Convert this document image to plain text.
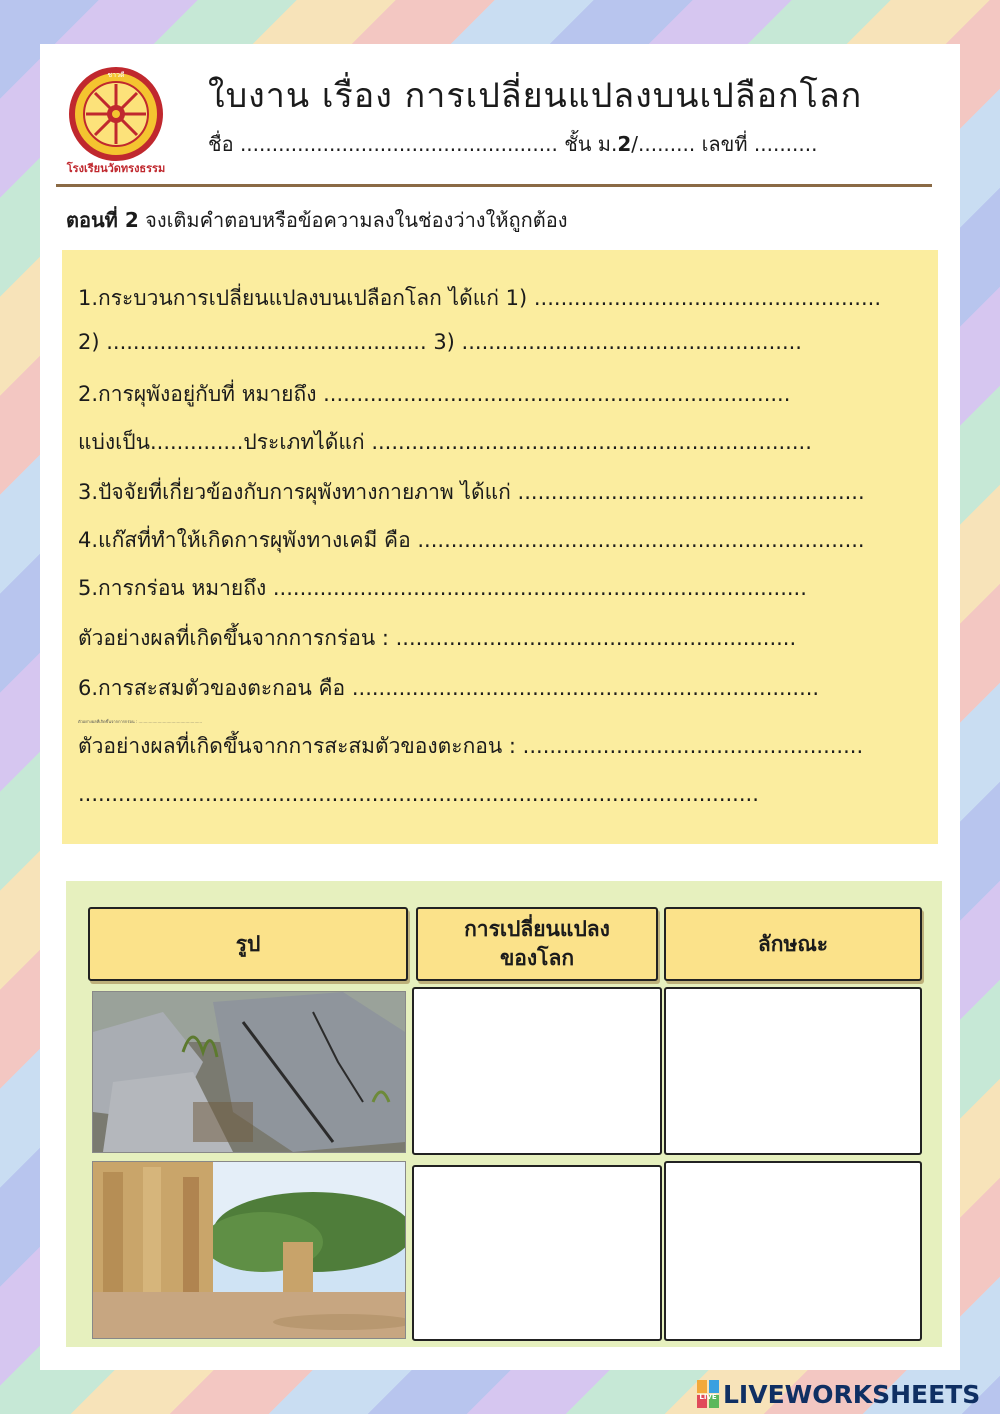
ชาวดี
โรงเรียนวัดทรงธรรม
ใบงาน เรื่อง การเปลี่ยนแปลงบนเปลือกโลก
ชื่อ .................................................. ชั้น ม.2/......... เลขที่ ..........
ตอนที่ 2 จงเติมคำตอบหรือข้อความลงในช่องว่างให้ถูกต้อง
1.กระบวนการเปลี่ยนแปลงบนเปลือกโลก ได้แก่ 1) ....................................................
2) ................................................ 3) ...................................................
2.การผุพังอยู่กับที่ หมายถึง ......................................................................
แบ่งเป็น..............ประเภทได้แก่ ..................................................................
3.ปัจจัยที่เกี่ยวข้องกับการผุพังทางกายภาพ ได้แก่ ....................................................
4.แก๊สที่ทำให้เกิดการผุพังทางเคมี คือ ...................................................................
5.การกร่อน หมายถึง ................................................................................
ตัวอย่างผลที่เกิดขึ้นจากการกร่อน : ............................................................
6.การสะสมตัวของตะกอน คือ ......................................................................
ตัวอย่างผลที่เกิดขึ้นจากการกร่อน : ..................................................
ตัวอย่างผลที่เกิดขึ้นจากการสะสมตัวของตะกอน : ...................................................
......................................................................................................
รูป
การเปลี่ยนแปลง
ของโลก
ลักษณะ
LIVE LIVEWORKSHEETS
